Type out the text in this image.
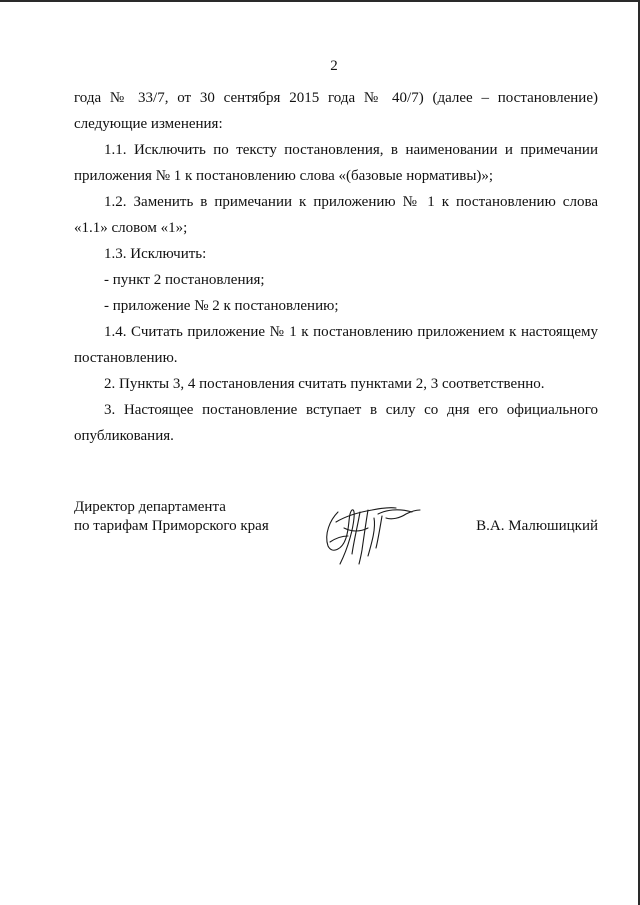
2

года № 33/7, от 30 сентября 2015 года № 40/7) (далее – постановление) следующие изменения:

1.1. Исключить по тексту постановления, в наименовании и примечании приложения № 1 к постановлению слова «(базовые нормативы)»;

1.2. Заменить в примечании к приложению № 1 к постановлению слова «1.1» словом «1»;

1.3. Исключить:

- пункт 2 постановления;

- приложение № 2 к постановлению;

1.4. Считать приложение № 1 к постановлению приложением к настоящему постановлению.

2. Пункты 3, 4 постановления считать пунктами 2, 3 соответственно.

3. Настоящее постановление вступает в силу со дня его официального опубликования.

Директор департамента
по тарифам Приморского края	В.А. Малюшицкий
